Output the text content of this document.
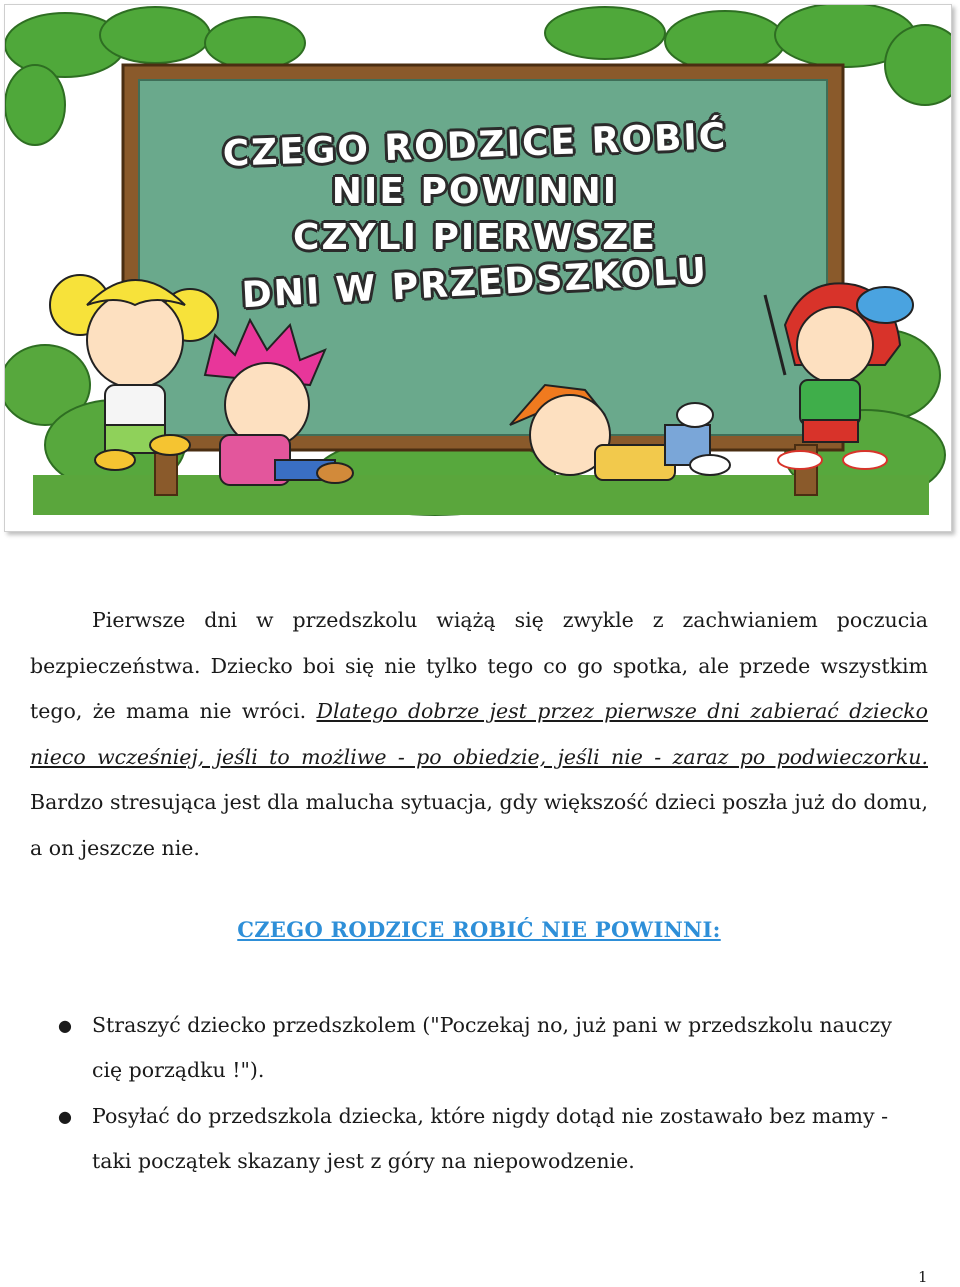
CZEGO RODZICE ROBIĆ
NIE POWINNI
CZYLI PIERWSZE
DNI W PRZEDSZKOLU

Pierwsze dni w przedszkolu wiążą się zwykle z zachwianiem poczucia bezpieczeństwa. Dziecko boi się nie tylko tego co go spotka, ale przede wszystkim tego, że mama nie wróci. Dlatego dobrze jest przez pierwsze dni zabierać dziecko nieco wcześniej, jeśli to możliwe - po obiedzie, jeśli nie - zaraz po podwieczorku. Bardzo stresująca jest dla malucha sytuacja, gdy większość dzieci poszła już do domu, a on jeszcze nie.

CZEGO RODZICE ROBIĆ NIE POWINNI:
● Straszyć dziecko przedszkolem ("Poczekaj no, już pani w przedszkolu nauczy cię porządku !").
● Posyłać do przedszkola dziecka, które nigdy dotąd nie zostawało bez mamy - taki początek skazany jest z góry na niepowodzenie.
1
